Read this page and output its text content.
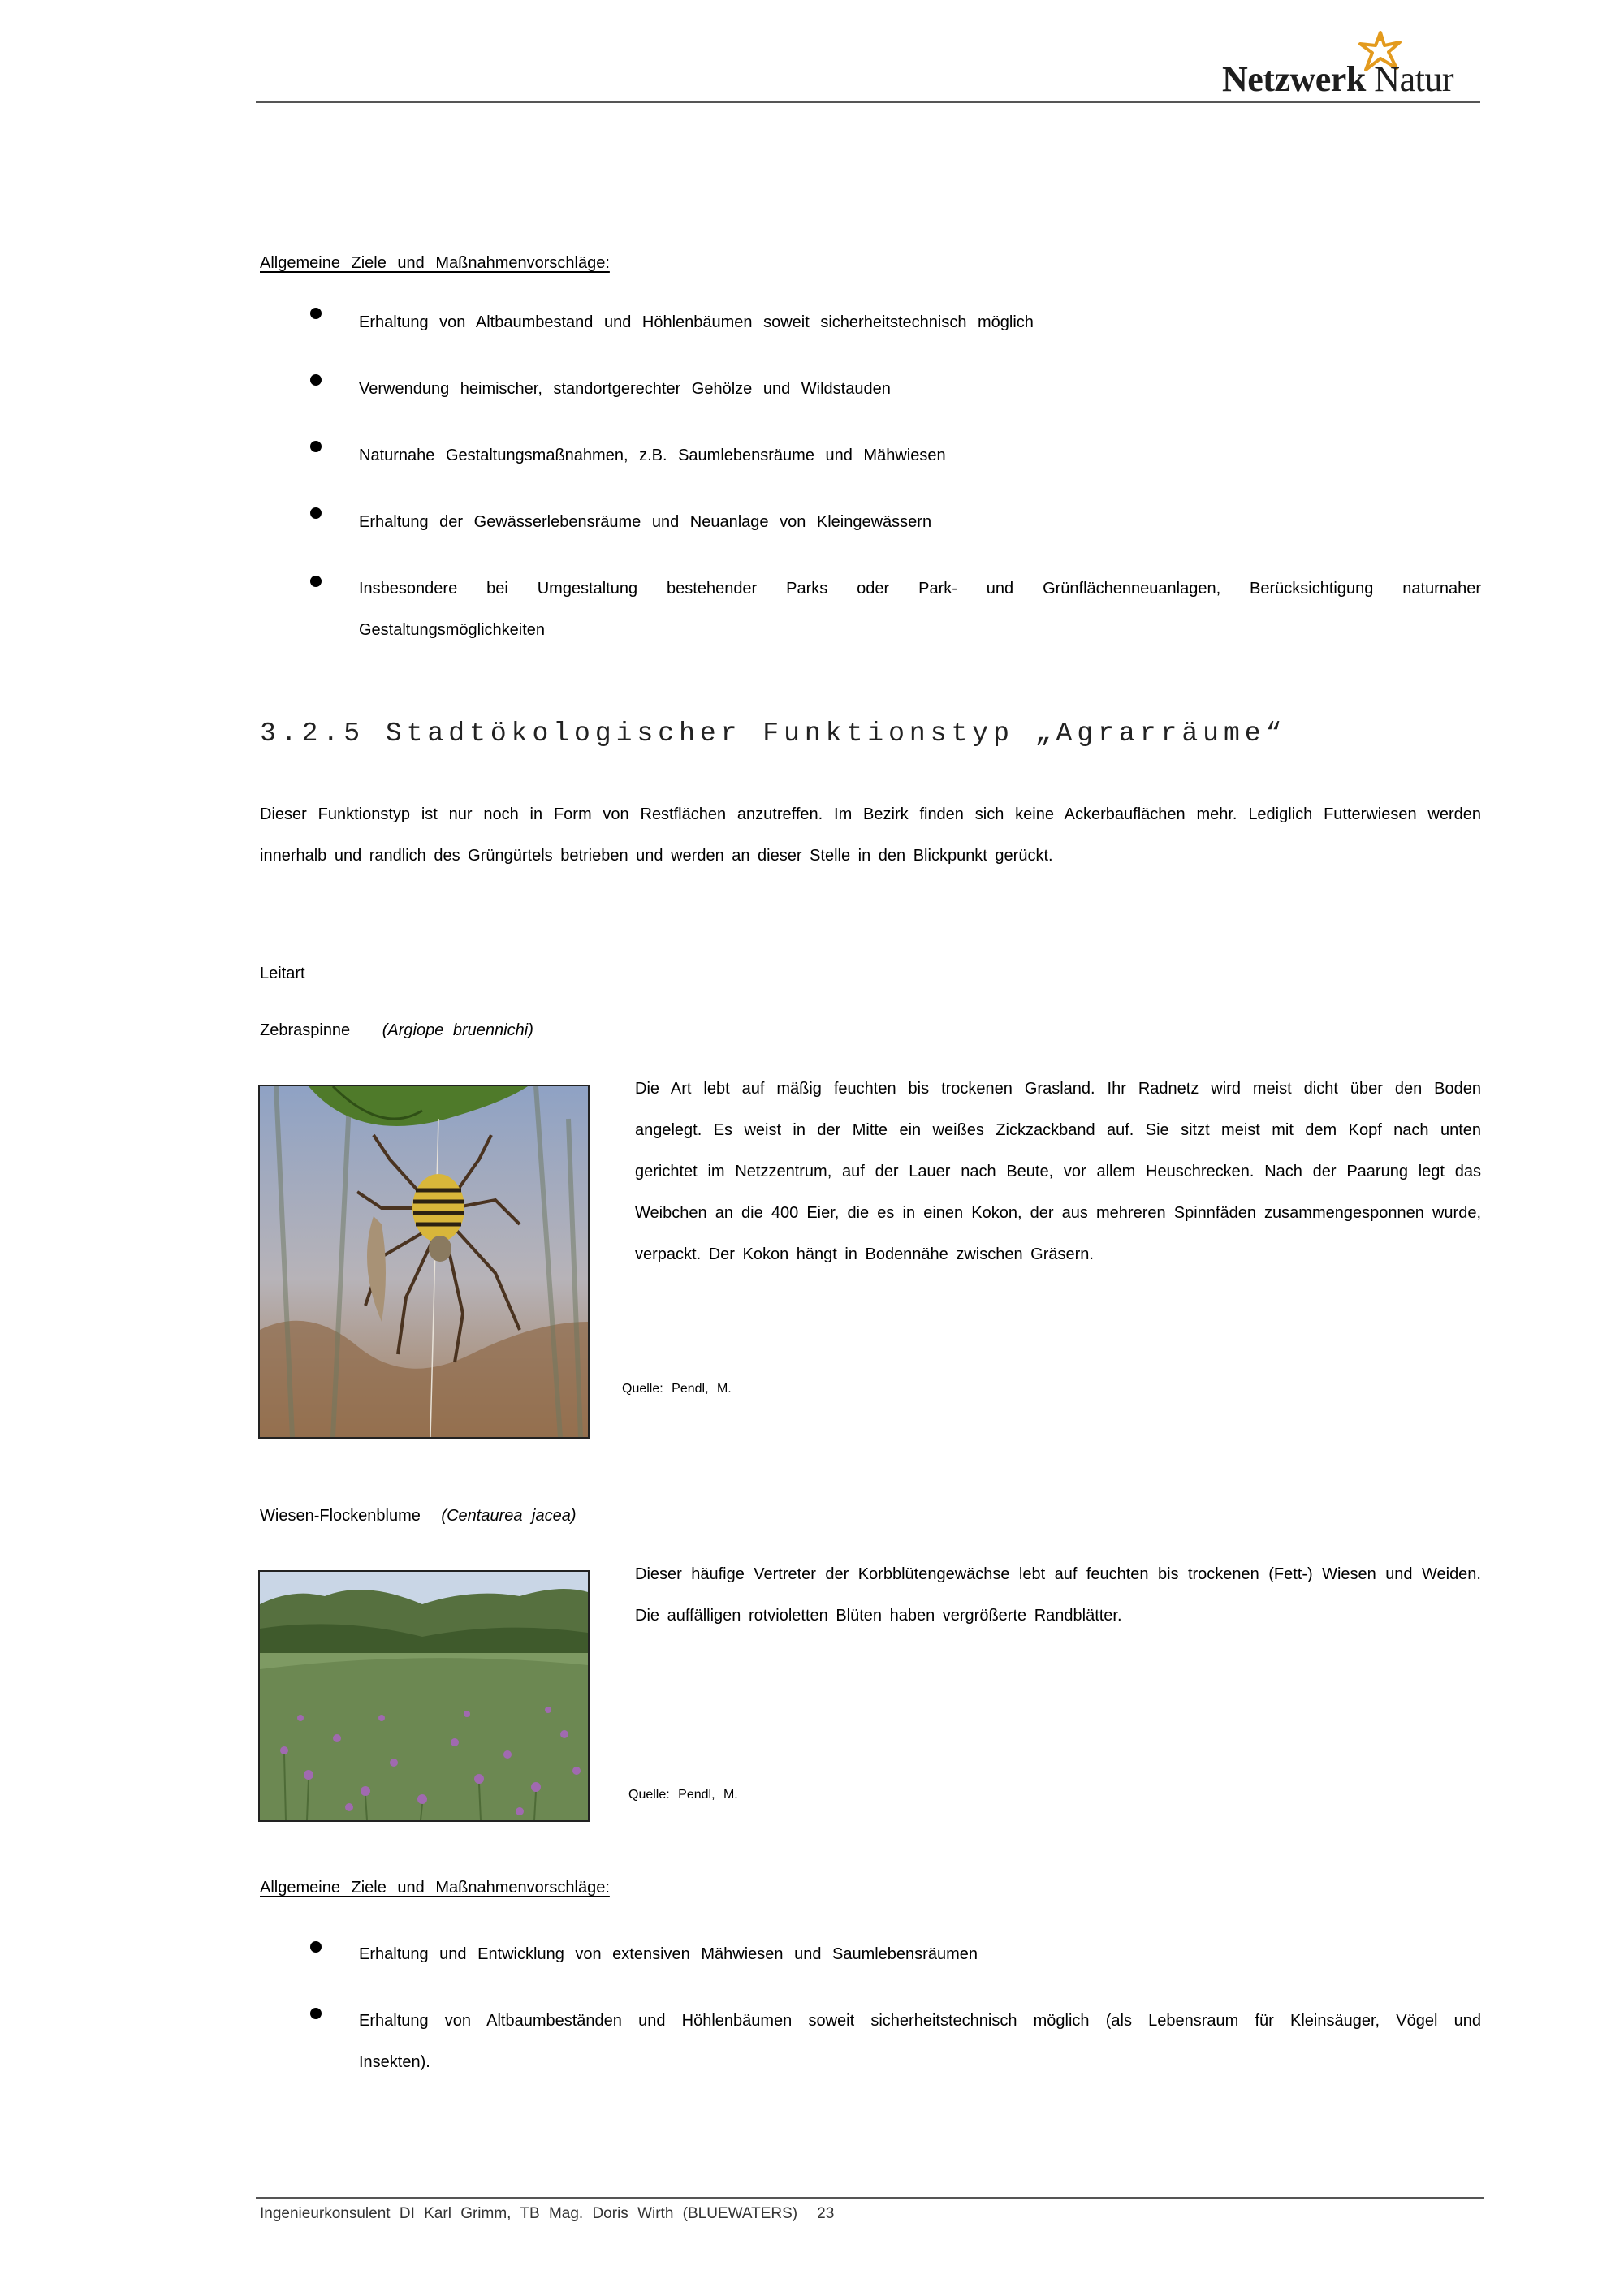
Netzwerk Natur
Allgemeine Ziele und Maßnahmenvorschläge:
Erhaltung von Altbaumbestand und Höhlenbäumen soweit sicherheitstechnisch möglich
Verwendung heimischer, standortgerechter Gehölze und Wildstauden
Naturnahe Gestaltungsmaßnahmen, z.B. Saumlebensräume und Mähwiesen
Erhaltung der Gewässerlebensräume und Neuanlage von Kleingewässern
Insbesondere bei Umgestaltung bestehender Parks oder Park- und Grünflächenneuanlagen, Berücksichtigung naturnaher Gestaltungsmöglichkeiten
3.2.5 Stadtökologischer Funktionstyp „Agrarräume“
Dieser Funktionstyp ist nur noch in Form von Restflächen anzutreffen. Im Bezirk finden sich keine Ackerbauflächen mehr. Lediglich Futterwiesen werden innerhalb und randlich des Grüngürtels betrieben und werden an dieser Stelle in den Blickpunkt gerückt.
Leitart
Zebraspinne (Argiope bruennichi)
Die Art lebt auf mäßig feuchten bis trockenen Grasland. Ihr Radnetz wird meist dicht über den Boden angelegt. Es weist in der Mitte ein weißes Zickzackband auf. Sie sitzt meist mit dem Kopf nach unten gerichtet im Netzzentrum, auf der Lauer nach Beute, vor allem Heuschrecken. Nach der Paarung legt das Weibchen an die 400 Eier, die es in einen Kokon, der aus mehreren Spinnfäden zusammengesponnen wurde, verpackt. Der Kokon hängt in Bodennähe zwischen Gräsern.
Quelle: Pendl, M.
Wiesen-Flockenblume (Centaurea jacea)
Dieser häufige Vertreter der Korbblütengewächse lebt auf feuchten bis trockenen (Fett-) Wiesen und Weiden. Die auffälligen rotvioletten Blüten haben vergrößerte Randblätter.
Quelle: Pendl, M.
Allgemeine Ziele und Maßnahmenvorschläge:
Erhaltung und Entwicklung von extensiven Mähwiesen und Saumlebensräumen
Erhaltung von Altbaumbeständen und Höhlenbäumen soweit sicherheitstechnisch möglich (als Lebensraum für Kleinsäuger, Vögel und Insekten).
Ingenieurkonsulent DI Karl Grimm, TB Mag. Doris Wirth (BLUEWATERS) 23
